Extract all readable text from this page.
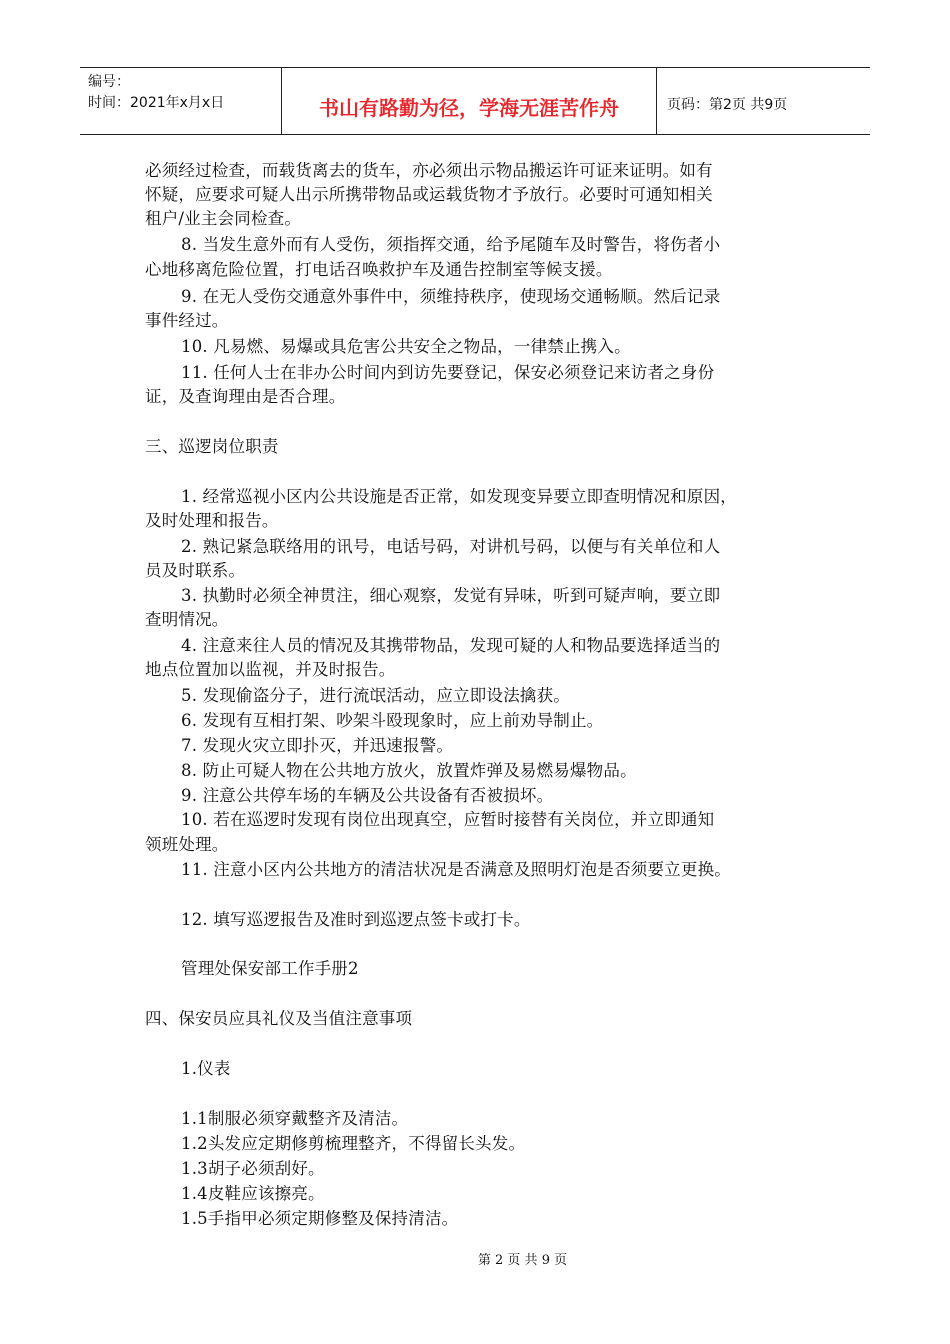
编号：
时间：2021年x月x日	书山有路勤为径，学海无涯苦作舟	页码：第2页 共9页
必须经过检查，而载货离去的货车，亦必须出示物品搬运许可证来证明。如有
怀疑，应要求可疑人出示所携带物品或运载货物才予放行。必要时可通知相关
租户/业主会同检查。
8. 当发生意外而有人受伤，须指挥交通，给予尾随车及时警告，将伤者小
心地移离危险位置，打电话召唤救护车及通告控制室等候支援。
9. 在无人受伤交通意外事件中，须维持秩序，使现场交通畅顺。然后记录
事件经过。
10. 凡易燃、易爆或具危害公共安全之物品，一律禁止携入。
11. 任何人士在非办公时间内到访先要登记，保安必须登记来访者之身份
证，及查询理由是否合理。
三、巡逻岗位职责
1. 经常巡视小区内公共设施是否正常，如发现变异要立即查明情况和原因，
及时处理和报告。
2. 熟记紧急联络用的讯号，电话号码，对讲机号码，以便与有关单位和人
员及时联系。
3. 执勤时必须全神贯注，细心观察，发觉有异味，听到可疑声响，要立即
查明情况。
4. 注意来往人员的情况及其携带物品，发现可疑的人和物品要选择适当的
地点位置加以监视，并及时报告。
5. 发现偷盗分子，进行流氓活动，应立即设法擒获。
6. 发现有互相打架、吵架斗殴现象时，应上前劝导制止。
7. 发现火灾立即扑灭，并迅速报警。
8. 防止可疑人物在公共地方放火，放置炸弹及易燃易爆物品。
9. 注意公共停车场的车辆及公共设备有否被损坏。
10. 若在巡逻时发现有岗位出现真空，应暂时接替有关岗位，并立即通知
领班处理。
11. 注意小区内公共地方的清洁状况是否满意及照明灯泡是否须要立更换。
12. 填写巡逻报告及准时到巡逻点签卡或打卡。
管理处保安部工作手册2
四、保安员应具礼仪及当值注意事项
1.仪表
1.1制服必须穿戴整齐及清洁。
1.2头发应定期修剪梳理整齐，不得留长头发。
1.3胡子必须刮好。
1.4皮鞋应该擦亮。
1.5手指甲必须定期修整及保持清洁。
第 2 页 共 9 页
